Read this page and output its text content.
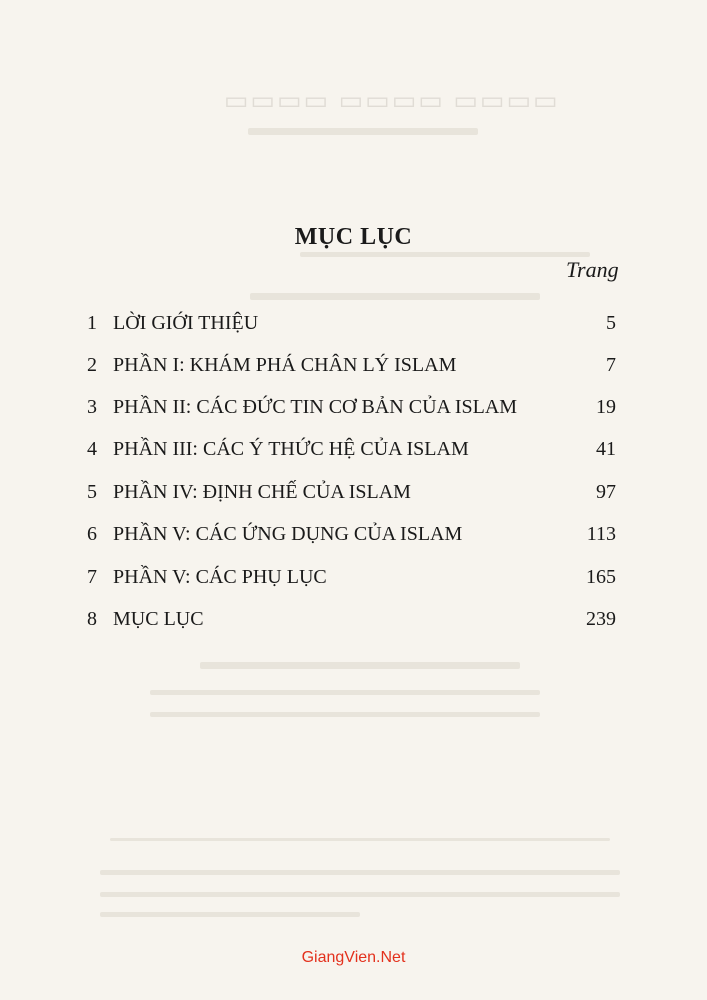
▭▭▭▭ ▭▭▭▭ ▭▭▭▭
MỤC LỤC
Trang
1 LỜI GIỚI THIỆU	5
2 PHẦN I: KHÁM PHÁ CHÂN LÝ ISLAM	7
3 PHẦN II: CÁC ĐỨC TIN CƠ BẢN CỦA ISLAM	19
4 PHẦN III: CÁC Ý THỨC HỆ CỦA ISLAM	41
5 PHẦN IV: ĐỊNH CHẾ CỦA ISLAM	97
6 PHẦN V: CÁC ỨNG DỤNG CỦA ISLAM	113
7 PHẦN V: CÁC PHỤ LỤC	165
8 MỤC LỤC	239
GiangVien.Net
